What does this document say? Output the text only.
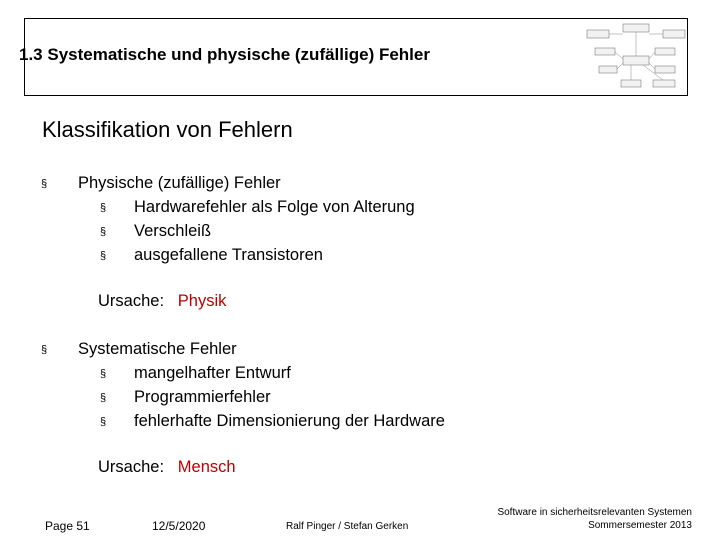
1.3 Systematische und physische (zufällige) Fehler
Klassifikation von Fehlern
§ Physische (zufällige) Fehler
§ Hardwarefehler als Folge von Alterung
§ Verschleiß
§ ausgefallene Transistoren
Ursache: Physik
§ Systematische Fehler
§ mangelhafter Entwurf
§ Programmierfehler
§ fehlerhafte Dimensionierung der Hardware
Ursache: Mensch
Page 51	12/5/2020	Ralf Pinger / Stefan Gerken
Software in sicherheitsrelevanten Systemen
Sommersemester 2013
